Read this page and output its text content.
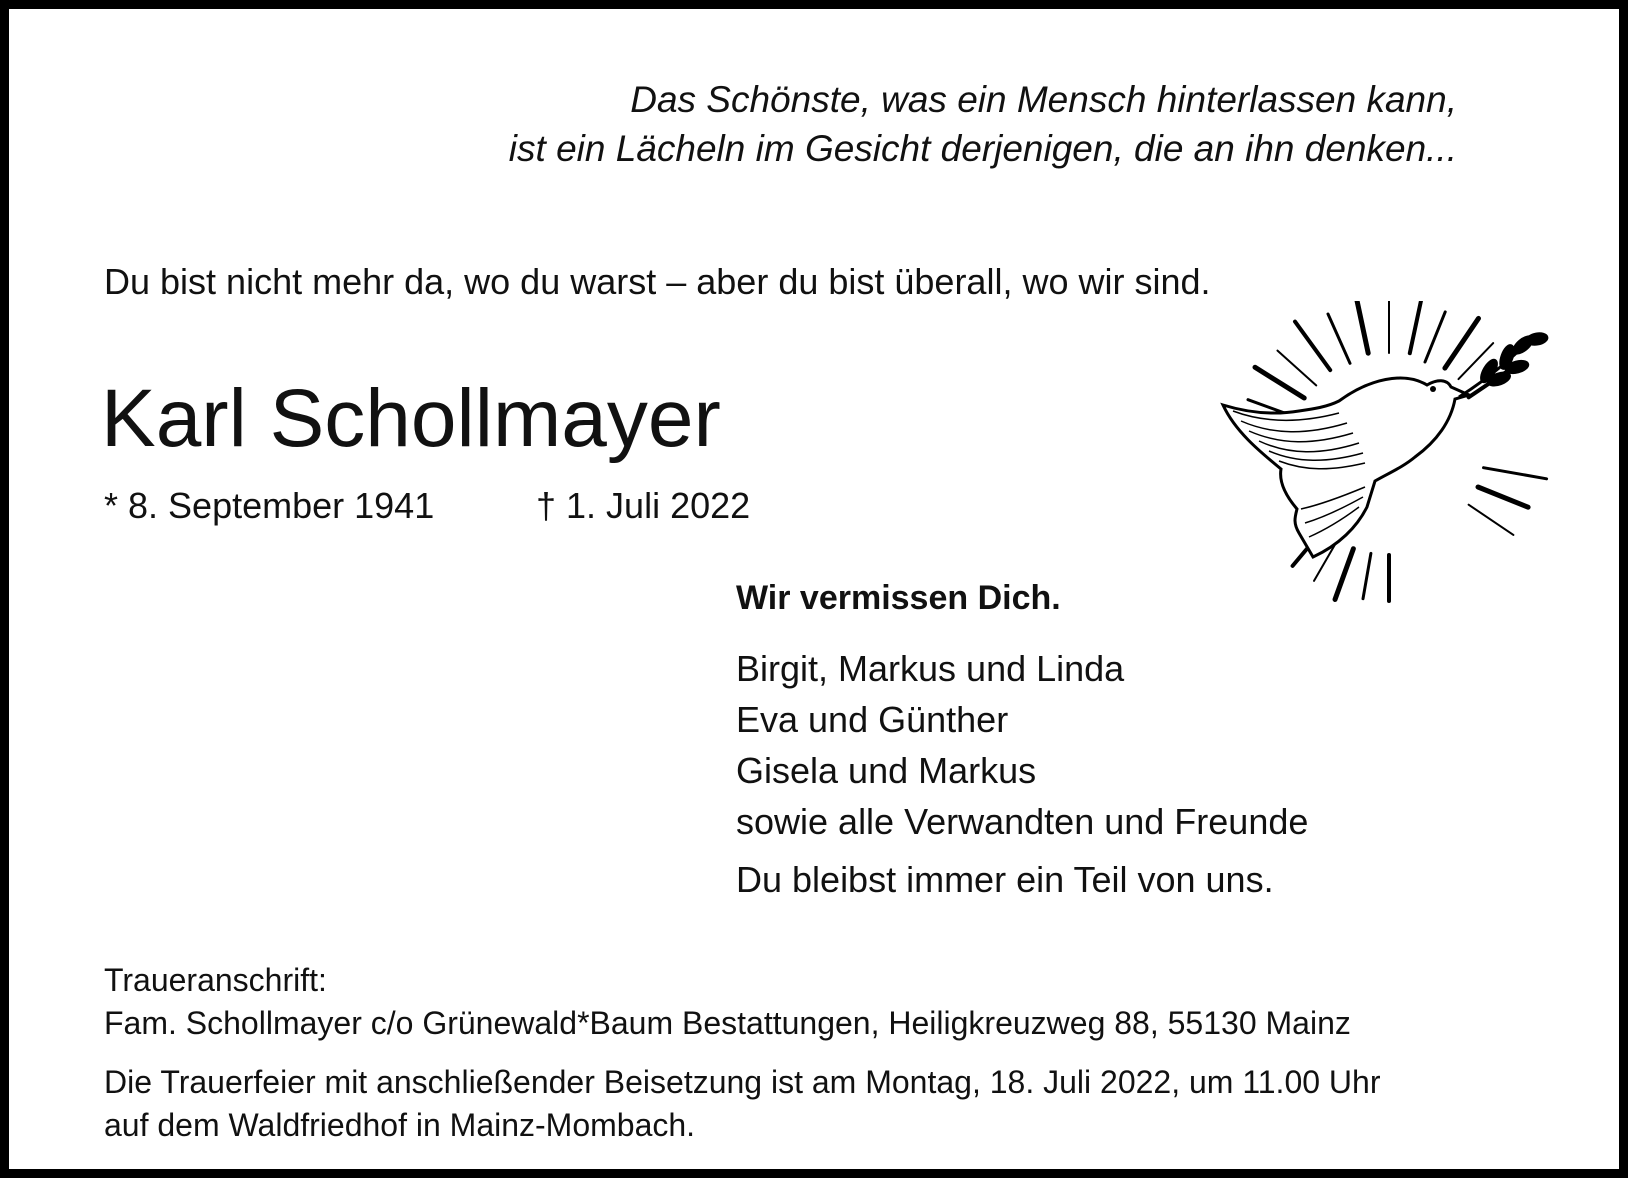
Das Schönste, was ein Mensch hinterlassen kann,
ist ein Lächeln im Gesicht derjenigen, die an ihn denken...
Du bist nicht mehr da, wo du warst – aber du bist überall, wo wir sind.
Karl Schollmayer
* 8. September 1941	† 1. Juli 2022
Wir vermissen Dich.
Birgit, Markus und Linda
Eva und Günther
Gisela und Markus
sowie alle Verwandten und Freunde
Du bleibst immer ein Teil von uns.
Traueranschrift:
Fam. Schollmayer c/o Grünewald*Baum Bestattungen, Heiligkreuzweg 88, 55130 Mainz
Die Trauerfeier mit anschließender Beisetzung ist am Montag, 18. Juli 2022, um 11.00 Uhr
auf dem Waldfriedhof in Mainz-Mombach.
